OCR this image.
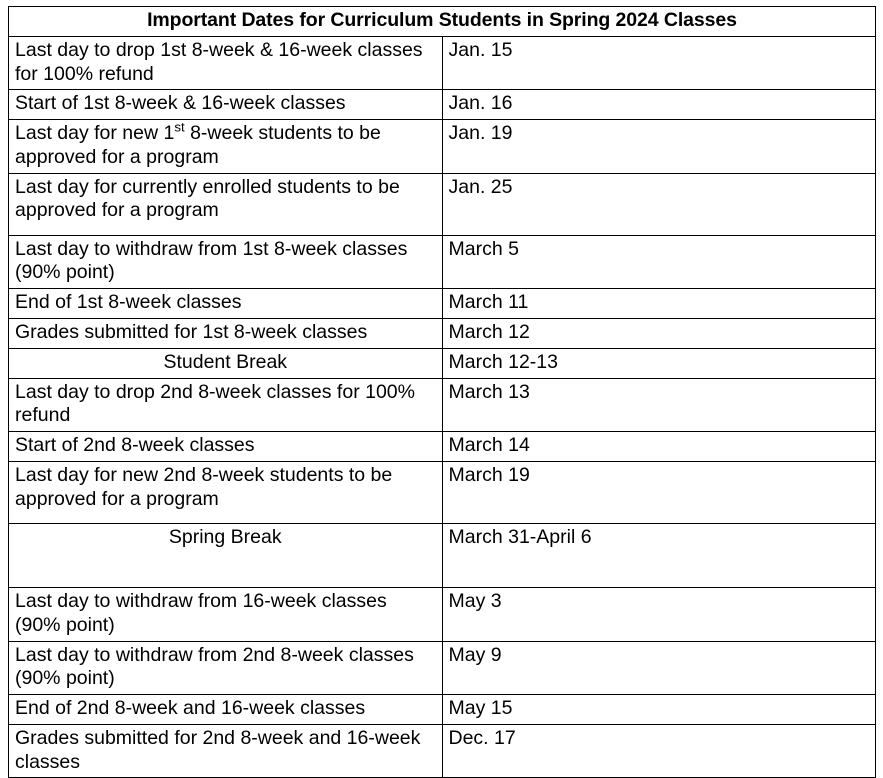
Important Dates for Curriculum Students in Spring 2024 Classes	
Last day to drop 1st 8-week & 16-week classes for 100% refund	Jan. 15
Start of 1st 8-week & 16-week classes	Jan. 16
Last day for new 1st 8-week students to be approved for a program	Jan. 19
Last day for currently enrolled students to be approved for a program	Jan. 25
Last day to withdraw from 1st 8-week classes (90% point)	March 5
End of 1st 8-week classes	March 11
Grades submitted for 1st 8-week classes	March 12
Student Break	March 12-13
Last day to drop 2nd 8-week classes for 100% refund	March 13
Start of 2nd 8-week classes	March 14
Last day for new 2nd 8-week students to be approved for a program	March 19
Spring Break	March 31-April 6
Last day to withdraw from 16-week classes (90% point)	May 3
Last day to withdraw from 2nd 8-week classes (90% point)	May 9
End of 2nd 8-week and 16-week classes	May 15
Grades submitted for 2nd 8-week and 16-week classes	Dec. 17
